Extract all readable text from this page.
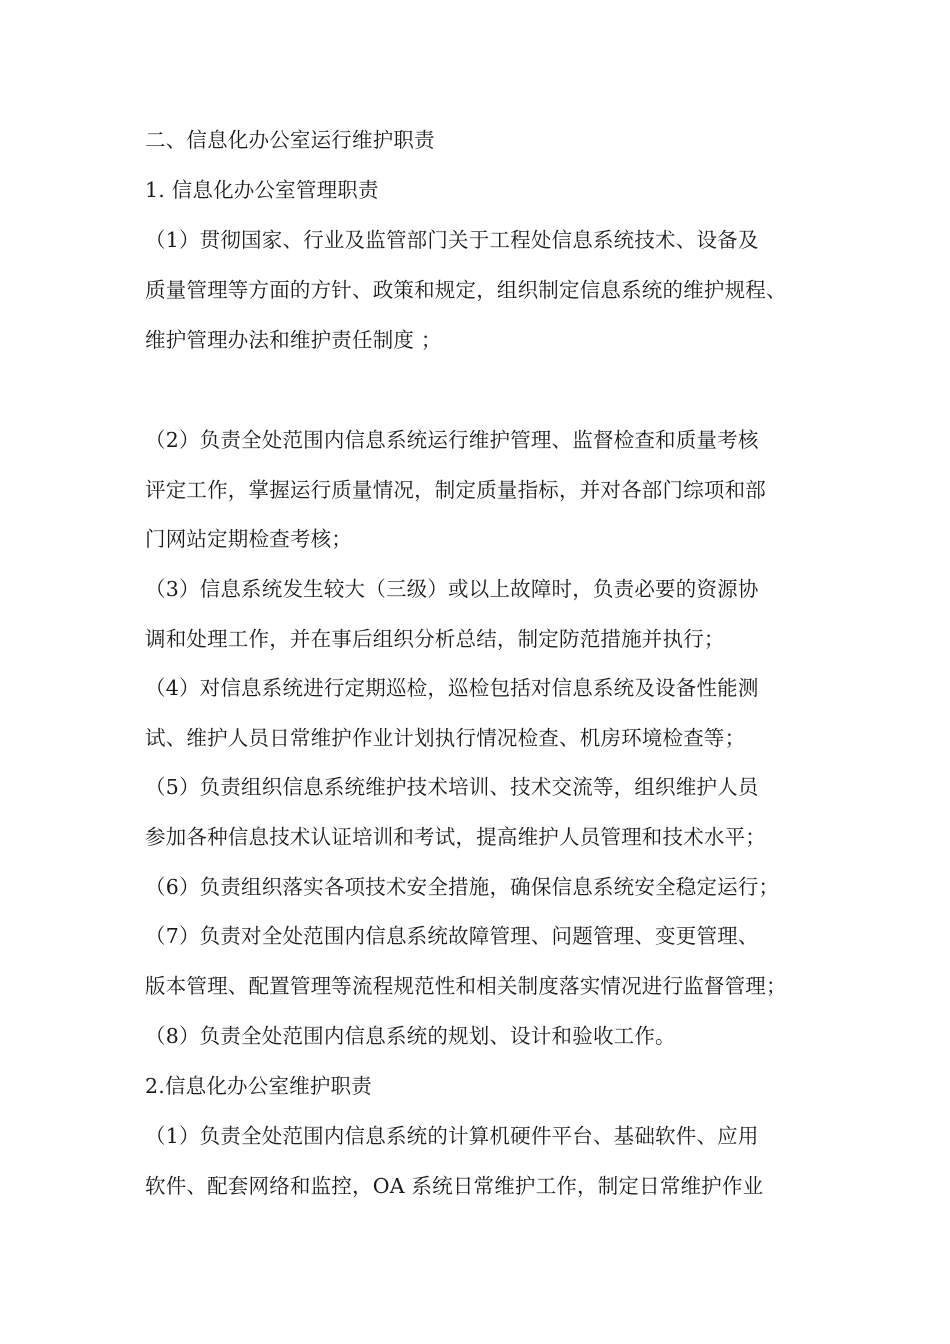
二、信息化办公室运行维护职责
1. 信息化办公室管理职责
（1）贯彻国家、行业及监管部门关于工程处信息系统技术、设备及
质量管理等方面的方针、政策和规定，组织制定信息系统的维护规程、
维护管理办法和维护责任制度 ；
（2）负责全处范围内信息系统运行维护管理、监督检查和质量考核
评定工作，掌握运行质量情况，制定质量指标，并对各部门综项和部
门网站定期检查考核；
（3）信息系统发生较大（三级）或以上故障时，负责必要的资源协
调和处理工作，并在事后组织分析总结，制定防范措施并执行；
（4）对信息系统进行定期巡检，巡检包括对信息系统及设备性能测
试、维护人员日常维护作业计划执行情况检查、机房环境检查等；
（5）负责组织信息系统维护技术培训、技术交流等，组织维护人员
参加各种信息技术认证培训和考试，提高维护人员管理和技术水平；
（6）负责组织落实各项技术安全措施，确保信息系统安全稳定运行；
（7）负责对全处范围内信息系统故障管理、问题管理、变更管理、
版本管理、配置管理等流程规范性和相关制度落实情况进行监督管理；
（8）负责全处范围内信息系统的规划、设计和验收工作。
2.信息化办公室维护职责
（1）负责全处范围内信息系统的计算机硬件平台、基础软件、应用
软件、配套网络和监控，OA 系统日常维护工作，制定日常维护作业
